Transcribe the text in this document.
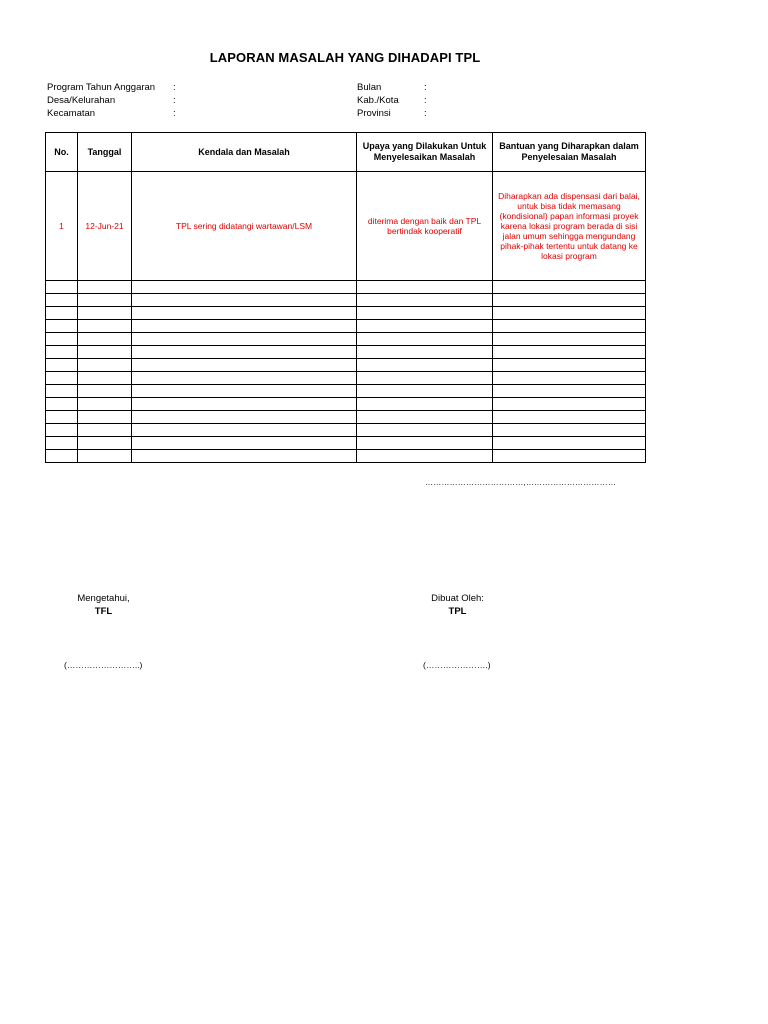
LAPORAN MASALAH YANG DIHADAPI TPL
Program Tahun Anggaran	:
Desa/Kelurahan	:
Kecamatan	:
Bulan	:
Kab./Kota	:
Provinsi	:
No.	Tanggal	Kendala dan Masalah	Upaya yang Dilakukan Untuk Menyelesaikan Masalah	Bantuan yang Diharapkan dalam Penyelesaian Masalah
1	12-Jun-21	TPL sering didatangi wartawan/LSM	diterima dengan baik dan TPL bertindak kooperatif	Diharapkan ada dispensasi dari balai, untuk bisa tidak memasang (kondisional) papan informasi proyek karena lokasi program berada di sisi jalan umum sehingga mengundang pihak-pihak tertentu untuk datang ke lokasi program

………………………………,……………………………
Mengetahui,
TFL
Dibuat Oleh:
TPL
(……………………..)	(………………….)
